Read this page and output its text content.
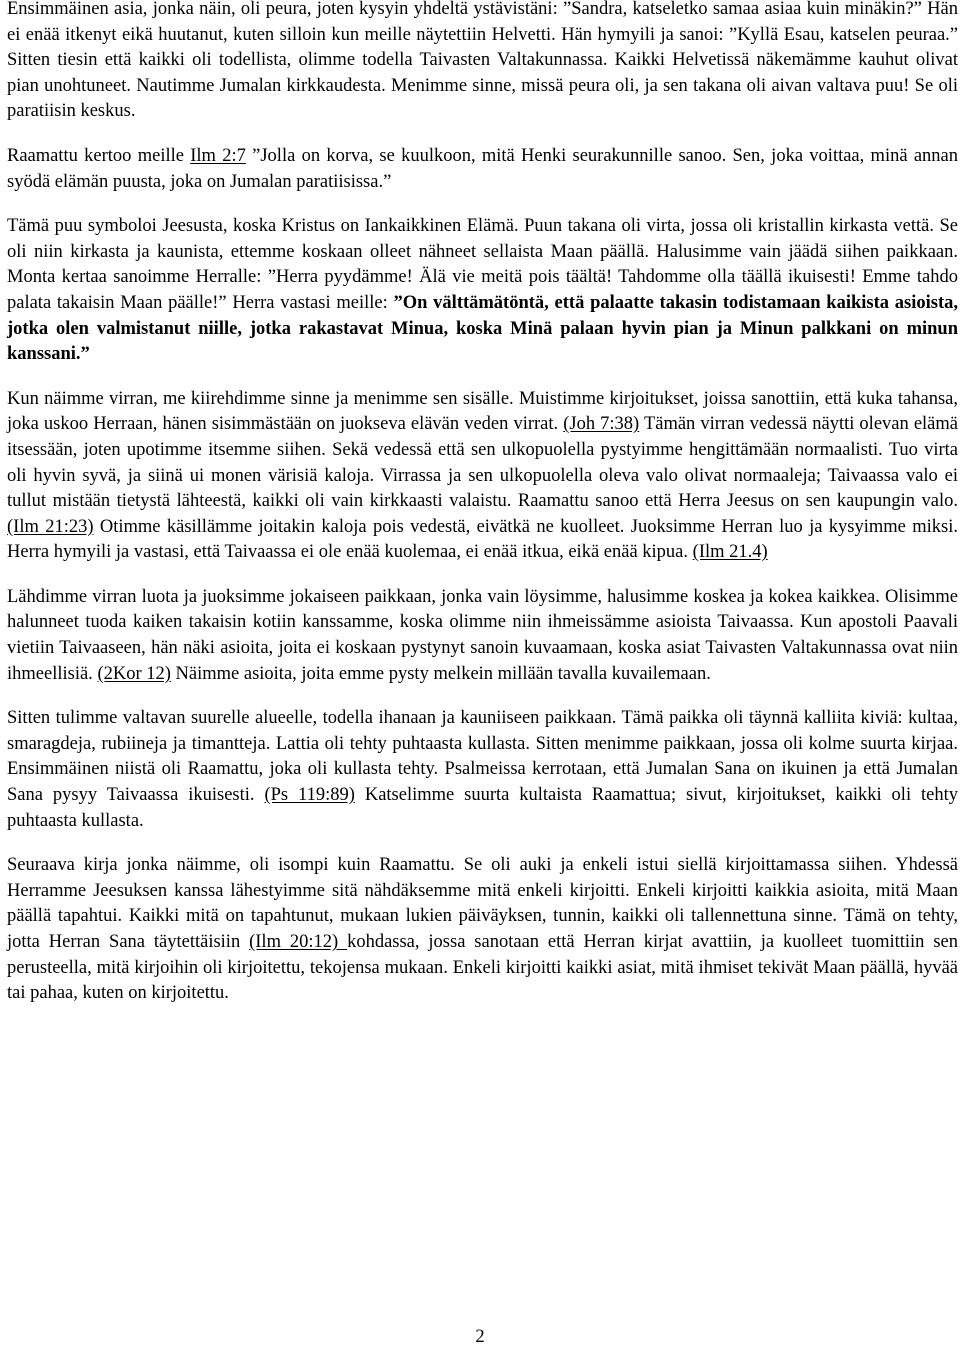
Ensimmäinen asia, jonka näin, oli peura, joten kysyin yhdeltä ystävistäni: ”Sandra, katseletko samaa asiaa kuin minäkin?” Hän ei enää itkenyt eikä huutanut, kuten silloin kun meille näytettiin Helvetti. Hän hymyili ja sanoi: ”Kyllä Esau, katselen peuraa.” Sitten tiesin että kaikki oli todellista, olimme todella Taivasten Valtakunnassa. Kaikki Helvetissä näkemämme kauhut olivat pian unohtuneet. Nautimme Jumalan kirkkaudesta. Menimme sinne, missä peura oli, ja sen takana oli aivan valtava puu! Se oli paratiisin keskus.

Raamattu kertoo meille Ilm 2:7 ”Jolla on korva, se kuulkoon, mitä Henki seurakunnille sanoo. Sen, joka voittaa, minä annan syödä elämän puusta, joka on Jumalan paratiisissa.”

Tämä puu symboloi Jeesusta, koska Kristus on Iankaikkinen Elämä. Puun takana oli virta, jossa oli kristallin kirkasta vettä. Se oli niin kirkasta ja kaunista, ettemme koskaan olleet nähneet sellaista Maan päällä. Halusimme vain jäädä siihen paikkaan. Monta kertaa sanoimme Herralle: ”Herra pyydämme! Älä vie meitä pois täältä! Tahdomme olla täällä ikuisesti! Emme tahdo palata takaisin Maan päälle!” Herra vastasi meille: ”On välttämätöntä, että palaatte takasin todistamaan kaikista asioista, jotka olen valmistanut niille, jotka rakastavat Minua, koska Minä palaan hyvin pian ja Minun palkkani on minun kanssani.”

Kun näimme virran, me kiirehdimme sinne ja menimme sen sisälle. Muistimme kirjoitukset, joissa sanottiin, että kuka tahansa, joka uskoo Herraan, hänen sisimmästään on juokseva elävän veden virrat. (Joh 7:38) Tämän virran vedessä näytti olevan elämä itsessään, joten upotimme itsemme siihen. Sekä vedessä että sen ulkopuolella pystyimme hengittämään normaalisti. Tuo virta oli hyvin syvä, ja siinä ui monen värisiä kaloja. Virrassa ja sen ulkopuolella oleva valo olivat normaaleja; Taivaassa valo ei tullut mistään tietystä lähteestä, kaikki oli vain kirkkaasti valaistu. Raamattu sanoo että Herra Jeesus on sen kaupungin valo. (Ilm 21:23) Otimme käsillämme joitakin kaloja pois vedestä, eivätkä ne kuolleet. Juoksimme Herran luo ja kysyimme miksi. Herra hymyili ja vastasi, että Taivaassa ei ole enää kuolemaa, ei enää itkua, eikä enää kipua. (Ilm 21.4)

Lähdimme virran luota ja juoksimme jokaiseen paikkaan, jonka vain löysimme, halusimme koskea ja kokea kaikkea. Olisimme halunneet tuoda kaiken takaisin kotiin kanssamme, koska olimme niin ihmeissämme asioista Taivaassa. Kun apostoli Paavali vietiin Taivaaseen, hän näki asioita, joita ei koskaan pystynyt sanoin kuvaamaan, koska asiat Taivasten Valtakunnassa ovat niin ihmeellisiä. (2Kor 12) Näimme asioita, joita emme pysty melkein millään tavalla kuvailemaan.

Sitten tulimme valtavan suurelle alueelle, todella ihanaan ja kauniiseen paikkaan. Tämä paikka oli täynnä kalliita kiviä: kultaa, smaragdeja, rubiineja ja timantteja. Lattia oli tehty puhtaasta kullasta. Sitten menimme paikkaan, jossa oli kolme suurta kirjaa. Ensimmäinen niistä oli Raamattu, joka oli kullasta tehty. Psalmeissa kerrotaan, että Jumalan Sana on ikuinen ja että Jumalan Sana pysyy Taivaassa ikuisesti. (Ps 119:89) Katselimme suurta kultaista Raamattua; sivut, kirjoitukset, kaikki oli tehty puhtaasta kullasta.

Seuraava kirja jonka näimme, oli isompi kuin Raamattu. Se oli auki ja enkeli istui siellä kirjoittamassa siihen. Yhdessä Herramme Jeesuksen kanssa lähestyimme sitä nähdäksemme mitä enkeli kirjoitti. Enkeli kirjoitti kaikkia asioita, mitä Maan päällä tapahtui. Kaikki mitä on tapahtunut, mukaan lukien päiväyksen, tunnin, kaikki oli tallennettuna sinne. Tämä on tehty, jotta Herran Sana täytettäisiin (Ilm 20:12) kohdassa, jossa sanotaan että Herran kirjat avattiin, ja kuolleet tuomittiin sen perusteella, mitä kirjoihin oli kirjoitettu, tekojensa mukaan. Enkeli kirjoitti kaikki asiat, mitä ihmiset tekivät Maan päällä, hyvää tai pahaa, kuten on kirjoitettu.

2
